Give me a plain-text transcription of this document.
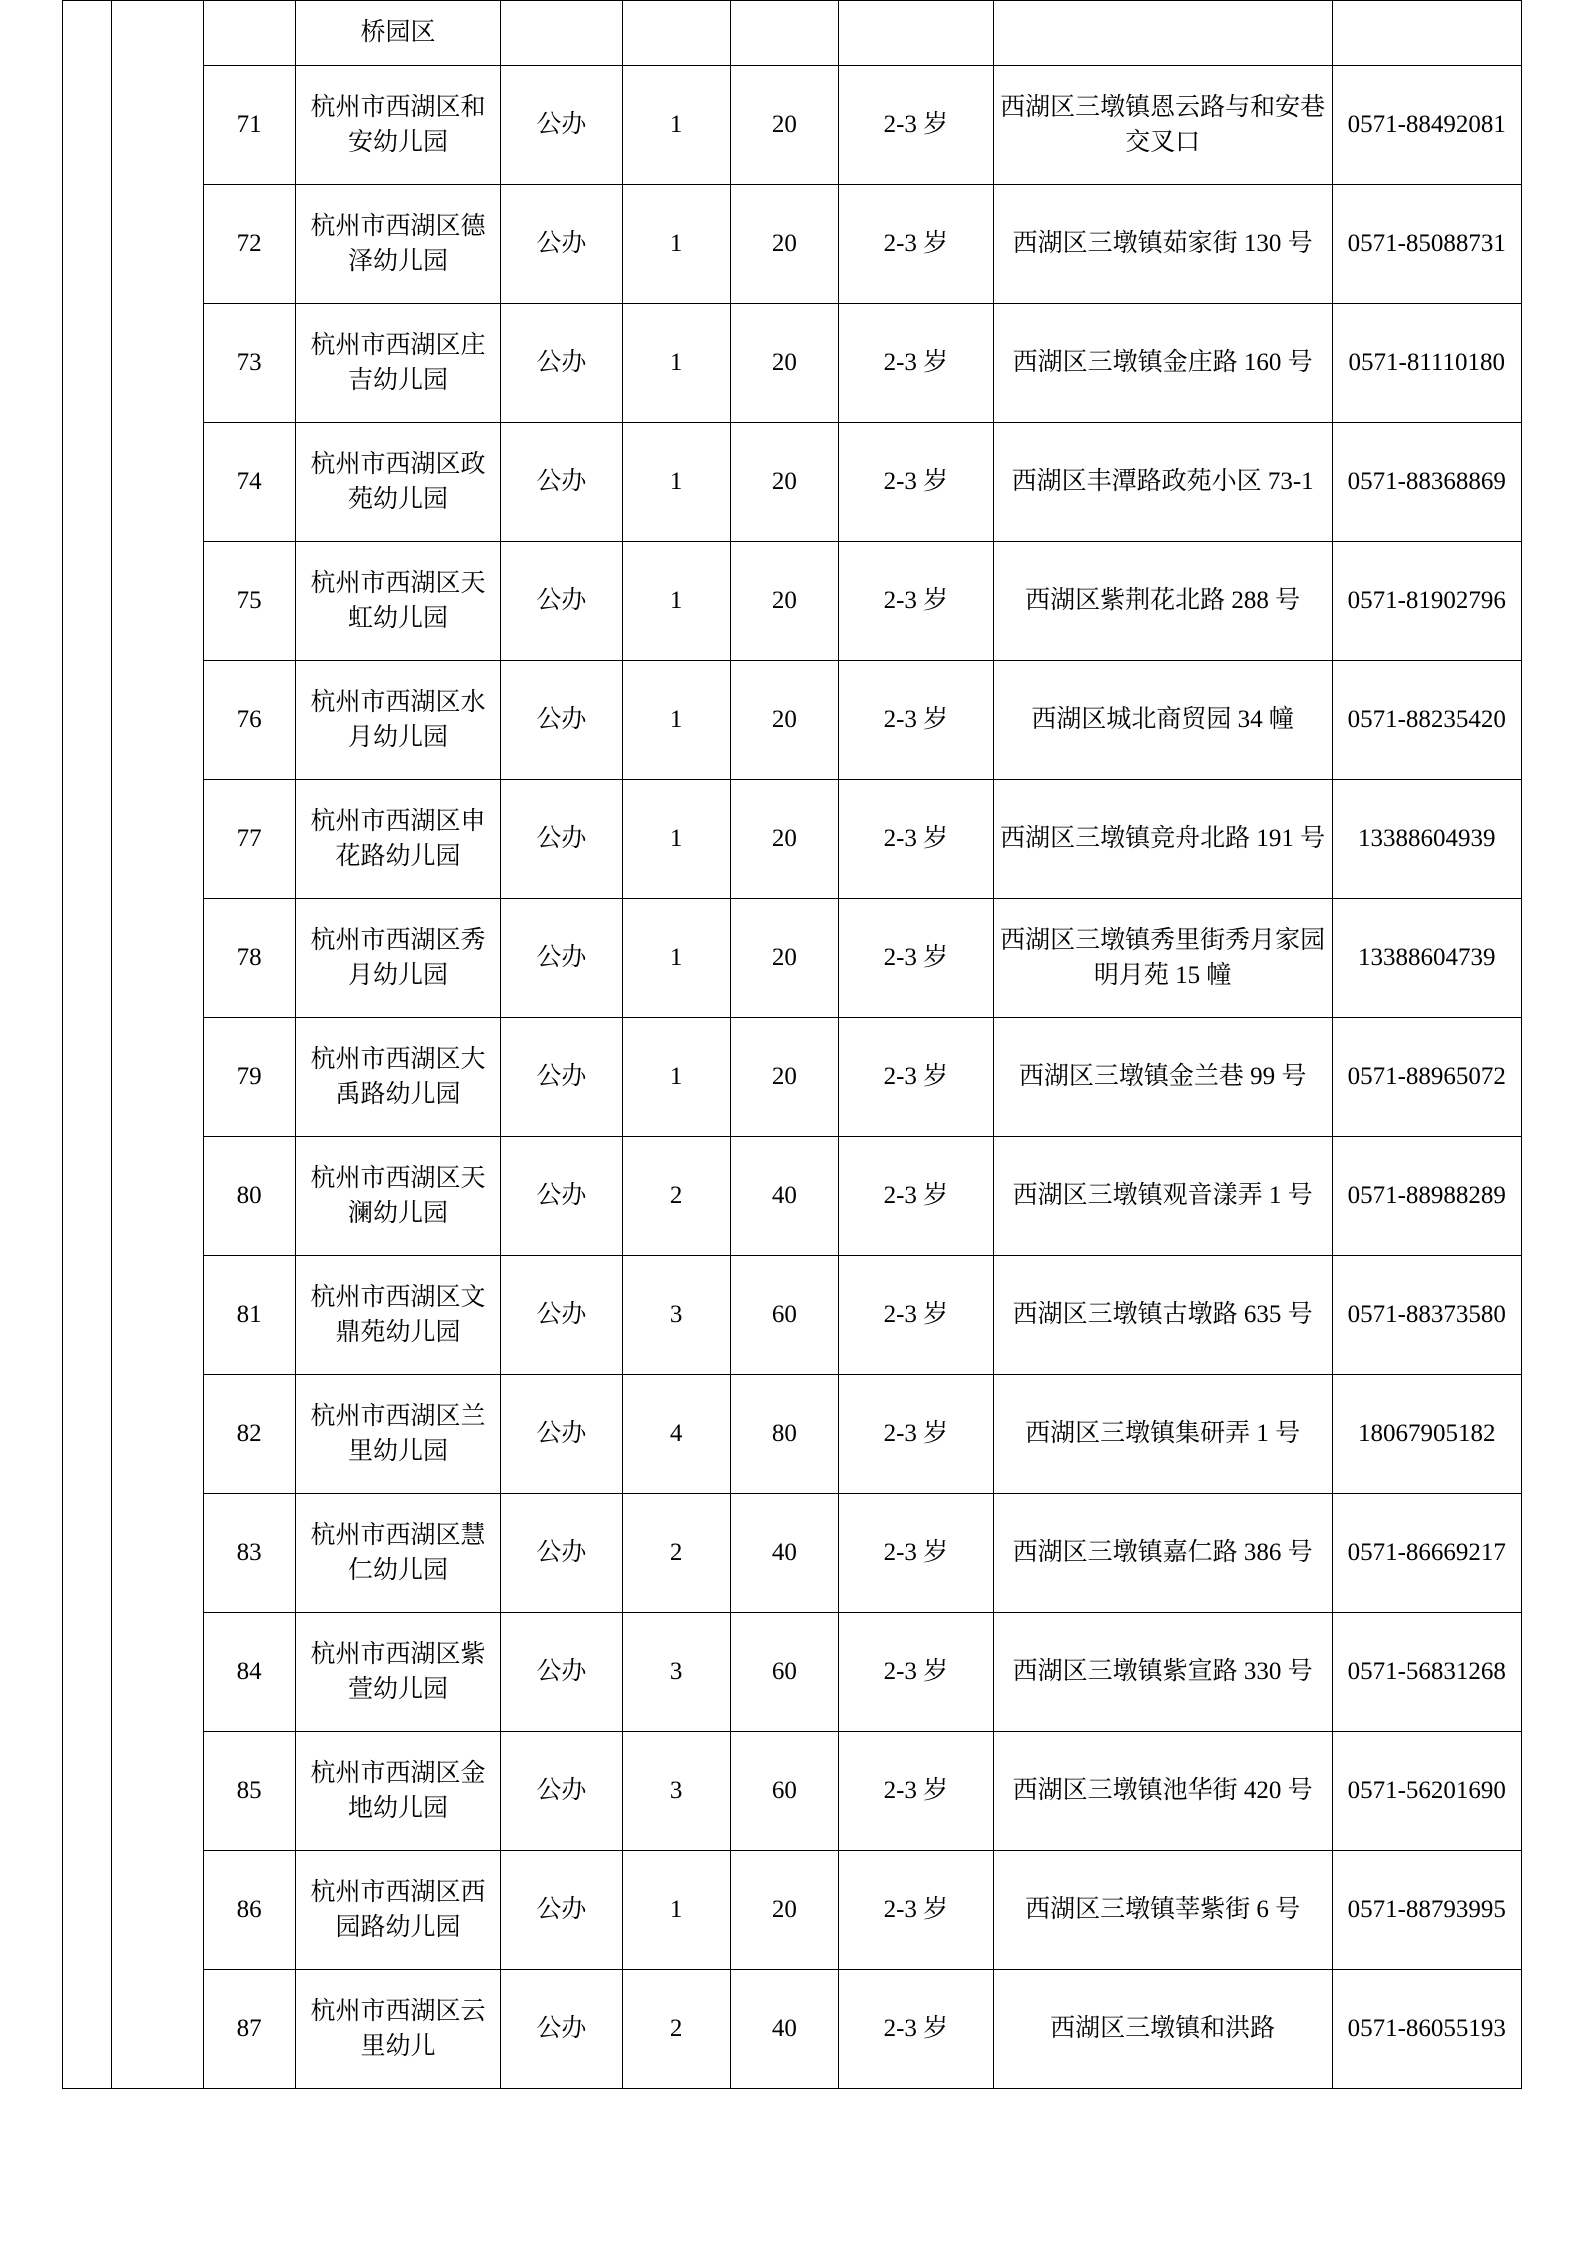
			桥园区						
		71	杭州市西湖区和安幼儿园	公办	1	20	2-3 岁	西湖区三墩镇恩云路与和安巷交叉口	0571-88492081
		72	杭州市西湖区德泽幼儿园	公办	1	20	2-3 岁	西湖区三墩镇茹家街 130 号	0571-85088731
		73	杭州市西湖区庄吉幼儿园	公办	1	20	2-3 岁	西湖区三墩镇金庄路 160 号	0571-81110180
		74	杭州市西湖区政苑幼儿园	公办	1	20	2-3 岁	西湖区丰潭路政苑小区 73-1	0571-88368869
		75	杭州市西湖区天虹幼儿园	公办	1	20	2-3 岁	西湖区紫荆花北路 288 号	0571-81902796
		76	杭州市西湖区水月幼儿园	公办	1	20	2-3 岁	西湖区城北商贸园 34 幢	0571-88235420
		77	杭州市西湖区申花路幼儿园	公办	1	20	2-3 岁	西湖区三墩镇竞舟北路 191 号	13388604939
		78	杭州市西湖区秀月幼儿园	公办	1	20	2-3 岁	西湖区三墩镇秀里街秀月家园明月苑 15 幢	13388604739
		79	杭州市西湖区大禹路幼儿园	公办	1	20	2-3 岁	西湖区三墩镇金兰巷 99 号	0571-88965072
		80	杭州市西湖区天澜幼儿园	公办	2	40	2-3 岁	西湖区三墩镇观音漾弄 1 号	0571-88988289
		81	杭州市西湖区文鼎苑幼儿园	公办	3	60	2-3 岁	西湖区三墩镇古墩路 635 号	0571-88373580
		82	杭州市西湖区兰里幼儿园	公办	4	80	2-3 岁	西湖区三墩镇集研弄 1 号	18067905182
		83	杭州市西湖区慧仁幼儿园	公办	2	40	2-3 岁	西湖区三墩镇嘉仁路 386 号	0571-86669217
		84	杭州市西湖区紫萱幼儿园	公办	3	60	2-3 岁	西湖区三墩镇紫宣路 330 号	0571-56831268
		85	杭州市西湖区金地幼儿园	公办	3	60	2-3 岁	西湖区三墩镇池华街 420 号	0571-56201690
		86	杭州市西湖区西园路幼儿园	公办	1	20	2-3 岁	西湖区三墩镇莘紫街 6 号	0571-88793995
		87	杭州市西湖区云里幼儿	公办	2	40	2-3 岁	西湖区三墩镇和洪路	0571-86055193
